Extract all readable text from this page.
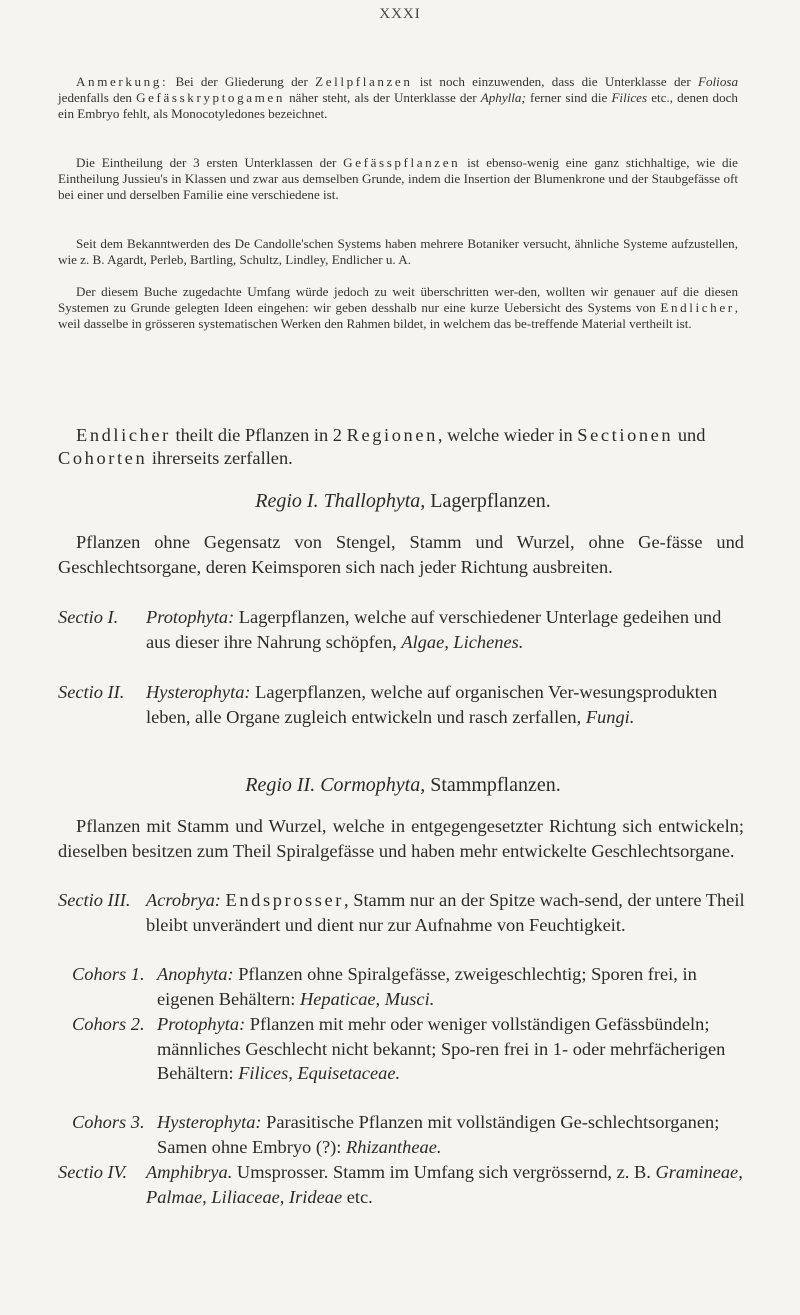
XXXI

Anmerkung: Bei der Gliederung der Zellpflanzen ist noch einzuwenden, dass die Unterklasse der Foliosa jedenfalls den Gefässkryptogamen näher steht, als der Unterklasse der Aphylla; ferner sind die Filices etc., denen doch ein Embryo fehlt, als Monocotyledones bezeichnet.

Die Eintheilung der 3 ersten Unterklassen der Gefässpflanzen ist ebenso-wenig eine ganz stichhaltige, wie die Eintheilung Jussieu's in Klassen und zwar aus demselben Grunde, indem die Insertion der Blumenkrone und der Staubgefässe oft bei einer und derselben Familie eine verschiedene ist.

Seit dem Bekanntwerden des De Candolle'schen Systems haben mehrere Botaniker versucht, ähnliche Systeme aufzustellen, wie z. B. Agardt, Perleb, Bartling, Schultz, Lindley, Endlicher u. A.

Der diesem Buche zugedachte Umfang würde jedoch zu weit überschritten wer-den, wollten wir genauer auf die diesen Systemen zu Grunde gelegten Ideen eingehen: wir geben desshalb nur eine kurze Uebersicht des Systems von Endlicher, weil dasselbe in grösseren systematischen Werken den Rahmen bildet, in welchem das be-treffende Material vertheilt ist.

Endlicher theilt die Pflanzen in 2 Regionen, welche wieder in Sectionen und Cohorten ihrerseits zerfallen.
Regio I. Thallophyta, Lagerpflanzen.

Pflanzen ohne Gegensatz von Stengel, Stamm und Wurzel, ohne Ge-fässe und Geschlechtsorgane, deren Keimsporen sich nach jeder Richtung ausbreiten.

Sectio I. Protophyta: Lagerpflanzen, welche auf verschiedener Unterlage gedeihen und aus dieser ihre Nahrung schöpfen, Algae, Lichenes.
Sectio II. Hysterophyta: Lagerpflanzen, welche auf organischen Ver-wesungsprodukten leben, alle Organe zugleich entwickeln und rasch zerfallen, Fungi.
Regio II. Cormophyta, Stammpflanzen.

Pflanzen mit Stamm und Wurzel, welche in entgegengesetzter Richtung sich entwickeln; dieselben besitzen zum Theil Spiralgefässe und haben mehr entwickelte Geschlechtsorgane.

Sectio III. Acrobrya: Endsprosser, Stamm nur an der Spitze wach-send, der untere Theil bleibt unverändert und dient nur zur Aufnahme von Feuchtigkeit.
Cohors 1. Anophyta: Pflanzen ohne Spiralgefässe, zweigeschlechtig; Sporen frei, in eigenen Behältern: Hepaticae, Musci.
Cohors 2. Protophyta: Pflanzen mit mehr oder weniger vollständigen Gefässbündeln; männliches Geschlecht nicht bekannt; Spo-ren frei in 1- oder mehrfächerigen Behältern: Filices, Equisetaceae.
Cohors 3. Hysterophyta: Parasitische Pflanzen mit vollständigen Ge-schlechtsorganen; Samen ohne Embryo (?): Rhizantheae.
Sectio IV. Amphibrya. Umsprosser. Stamm im Umfang sich vergrössernd, z. B. Gramineae, Palmae, Liliaceae, Irideae etc.
